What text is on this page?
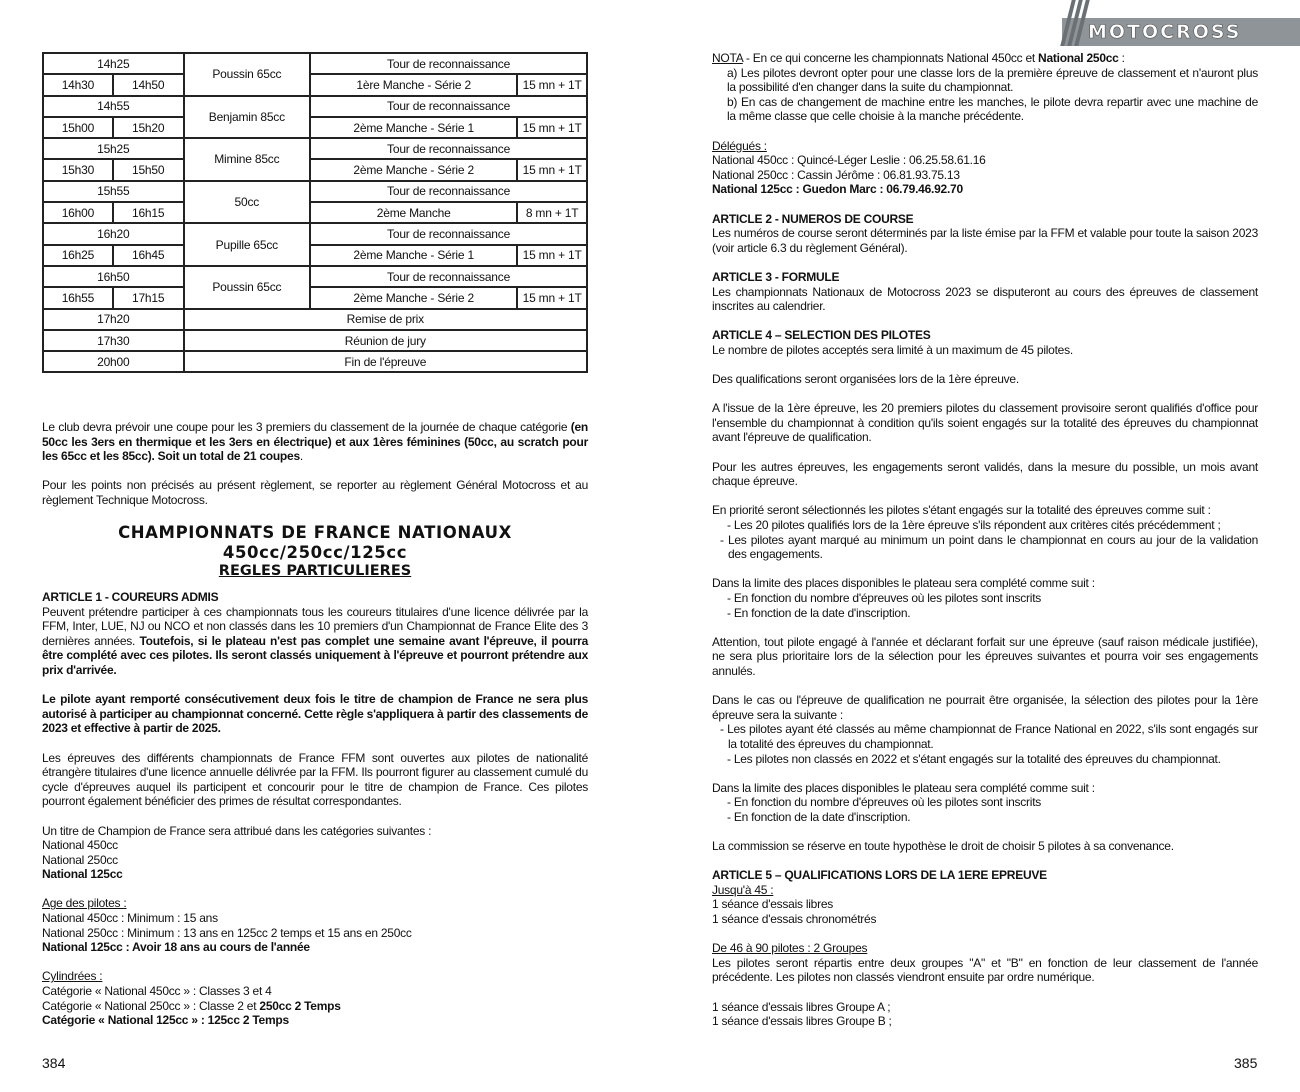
14h25		Poussin 65cc	Tour de reconnaissance	
14h30	14h50		1ère Manche - Série 2	15 mn + 1T
14h55		Benjamin 85cc	Tour de reconnaissance	
15h00	15h20		2ème Manche - Série 1	15 mn + 1T
15h25		Mimine 85cc	Tour de reconnaissance	
15h30	15h50		2ème Manche - Série 2	15 mn + 1T
15h55		50cc	Tour de reconnaissance	
16h00	16h15		2ème Manche	8 mn + 1T
16h20		Pupille 65cc	Tour de reconnaissance	
16h25	16h45		2ème Manche - Série 1	15 mn + 1T
16h50		Poussin 65cc	Tour de reconnaissance	
16h55	17h15		2ème Manche - Série 2	15 mn + 1T
17h20		Remise de prix		
17h30		Réunion de jury		
20h00		Fin de l'épreuve		
Le club devra prévoir une coupe pour les 3 premiers du classement de la journée de chaque catégorie (en 50cc les 3ers en thermique et les 3ers en électrique) et aux 1ères féminines (50cc, au scratch pour les 65cc et les 85cc). Soit un total de 21 coupes.

Pour les points non précisés au présent règlement, se reporter au règlement Général Motocross et au règlement Technique Motocross.

CHAMPIONNATS DE FRANCE NATIONAUX
450cc/250cc/125cc
REGLES PARTICULIERES

ARTICLE 1 - COUREURS ADMIS

Peuvent prétendre participer à ces championnats tous les coureurs titulaires d'une licence délivrée par la FFM, Inter, LUE, NJ ou NCO et non classés dans les 10 premiers d'un Championnat de France Elite des 3 dernières années. Toutefois, si le plateau n'est pas complet une semaine avant l'épreuve, il pourra être complété avec ces pilotes. Ils seront classés uniquement à l'épreuve et pourront prétendre aux prix d'arrivée.

Le pilote ayant remporté consécutivement deux fois le titre de champion de France ne sera plus autorisé à participer au championnat concerné. Cette règle s'appliquera à partir des classements de 2023 et effective à partir de 2025.

Les épreuves des différents championnats de France FFM sont ouvertes aux pilotes de nationalité étrangère titulaires d'une licence annuelle délivrée par la FFM. Ils pourront figurer au classement cumulé du cycle d'épreuves auquel ils participent et concourir pour le titre de champion de France. Ces pilotes pourront également bénéficier des primes de résultat correspondantes.

Un titre de Champion de France sera attribué dans les catégories suivantes :

National 450cc

National 250cc

National 125cc

Age des pilotes :

National 450cc : Minimum : 15 ans

National 250cc : Minimum : 13 ans en 125cc 2 temps et 15 ans en 250cc

National 125cc : Avoir 18 ans au cours de l'année

Cylindrées :

Catégorie « National 450cc » : Classes 3 et 4

Catégorie « National 250cc » : Classe 2 et 250cc 2 Temps

Catégorie « National 125cc » : 125cc 2 Temps

384
MOTOCROSS

NOTA - En ce qui concerne les championnats National 450cc et National 250cc :

a) Les pilotes devront opter pour une classe lors de la première épreuve de classement et n'auront plus la possibilité d'en changer dans la suite du championnat.

b) En cas de changement de machine entre les manches, le pilote devra repartir avec une machine de la même classe que celle choisie à la manche précédente.

Délégués :

National 450cc : Quincé-Léger Leslie : 06.25.58.61.16

National 250cc : Cassin Jérôme : 06.81.93.75.13

National 125cc : Guedon Marc : 06.79.46.92.70

ARTICLE 2 - NUMEROS DE COURSE

Les numéros de course seront déterminés par la liste émise par la FFM et valable pour toute la saison 2023 (voir article 6.3 du règlement Général).

ARTICLE 3 - FORMULE

Les championnats Nationaux de Motocross 2023 se disputeront au cours des épreuves de classement inscrites au calendrier.

ARTICLE 4 – SELECTION DES PILOTES

Le nombre de pilotes acceptés sera limité à un maximum de 45 pilotes.

Des qualifications seront organisées lors de la 1ère épreuve.

A l'issue de la 1ère épreuve, les 20 premiers pilotes du classement provisoire seront qualifiés d'office pour l'ensemble du championnat à condition qu'ils soient engagés sur la totalité des épreuves du championnat avant l'épreuve de qualification.

Pour les autres épreuves, les engagements seront validés, dans la mesure du possible, un mois avant chaque épreuve.

En priorité seront sélectionnés les pilotes s'étant engagés sur la totalité des épreuves comme suit :

- Les 20 pilotes qualifiés lors de la 1ère épreuve s'ils répondent aux critères cités précédemment ;

- Les pilotes ayant marqué au minimum un point dans le championnat en cours au jour de la validation des engagements.

Dans la limite des places disponibles le plateau sera complété comme suit :

- En fonction du nombre d'épreuves où les pilotes sont inscrits

- En fonction de la date d'inscription.

Attention, tout pilote engagé à l'année et déclarant forfait sur une épreuve (sauf raison médicale justifiée), ne sera plus prioritaire lors de la sélection pour les épreuves suivantes et pourra voir ses engagements annulés.

Dans le cas ou l'épreuve de qualification ne pourrait être organisée, la sélection des pilotes pour la 1ère épreuve sera la suivante :

- Les pilotes ayant été classés au même championnat de France National en 2022, s'ils sont engagés sur la totalité des épreuves du championnat.

- Les pilotes non classés en 2022 et s'étant engagés sur la totalité des épreuves du championnat.

Dans la limite des places disponibles le plateau sera complété comme suit :

- En fonction du nombre d'épreuves où les pilotes sont inscrits

- En fonction de la date d'inscription.

La commission se réserve en toute hypothèse le droit de choisir 5 pilotes à sa convenance.

ARTICLE 5 – QUALIFICATIONS LORS DE LA 1ERE EPREUVE

Jusqu'à 45 :

1 séance d'essais libres

1 séance d'essais chronométrés

De 46 à 90 pilotes : 2 Groupes

Les pilotes seront répartis entre deux groupes "A" et "B" en fonction de leur classement de l'année précédente. Les pilotes non classés viendront ensuite par ordre numérique.

1 séance d'essais libres Groupe A ;

1 séance d'essais libres Groupe B ;

385
